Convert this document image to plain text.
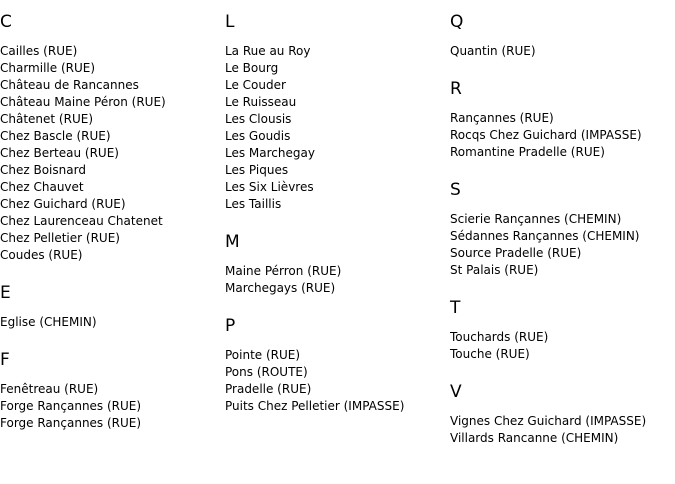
C
Cailles (RUE)
Charmille (RUE)
Château de Rancannes
Château Maine Péron (RUE)
Châtenet (RUE)
Chez Bascle (RUE)
Chez Berteau (RUE)
Chez Boisnard
Chez Chauvet
Chez Guichard (RUE)
Chez Laurenceau Chatenet
Chez Pelletier (RUE)
Coudes (RUE)
E
Eglise (CHEMIN)
F
Fenêtreau (RUE)
Forge Rançannes (RUE)
Forge Rançannes (RUE)
L
La Rue au Roy
Le Bourg
Le Couder
Le Ruisseau
Les Clousis
Les Goudis
Les Marchegay
Les Piques
Les Six Lièvres
Les Taillis
M
Maine Pérron (RUE)
Marchegays (RUE)
P
Pointe (RUE)
Pons (ROUTE)
Pradelle (RUE)
Puits Chez Pelletier (IMPASSE)
Q
Quantin (RUE)
R
Rançannes (RUE)
Rocqs Chez Guichard (IMPASSE)
Romantine Pradelle (RUE)
S
Scierie Rançannes (CHEMIN)
Sédannes Rançannes (CHEMIN)
Source Pradelle (RUE)
St Palais (RUE)
T
Touchards (RUE)
Touche (RUE)
V
Vignes Chez Guichard (IMPASSE)
Villards Rancanne (CHEMIN)
